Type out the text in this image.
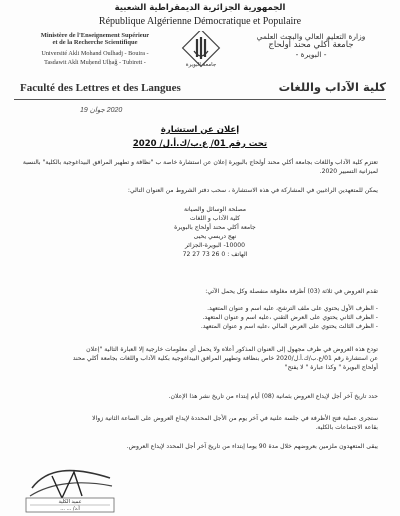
الجمهورية الجزائرية الديمقراطية الشعبية
République Algérienne Démocratique et Populaire
Ministère de l'Enseignement Supérieur
et de la Recherche Scientifique
Université Akli Mohand Oulhadj - Bouira -
Tasdawit Akli Muḥend Ulḥaǧ - Tubirett -
وزارة التعليم العالي والبحث العلمي
جامعة أكلي محند أولحاج
- البويرة -
جامعة البويرة
Faculté des Lettres et des Langues	كلية الآداب واللغات
2020 جوان 19
إعلان عن استشارة
تحت رقم 01/ ع.ب/ك.أ.ل/ 2020
تعتزم كلية الآداب واللغات بجامعة أكلي محند أولحاج بالبويرة إعلان عن استشارة خاصة ب "نظافة و تطهير المرافق البيداغوجية بالكلية" بالنسبة لميزانية التسيير 2020.
يمكن للمتعهدين الراغبين في المشاركة في هذه الاستشارة ، سحب دفتر الشروط من العنوان التالي:
مصلحة الوسائل والصيانة
كلية الآداب و اللغات
جامعة أكلي محند أولحاج بالبويرة
نهج دريسي يحيى
10000- البويرة-الجزائر
الهاتف : 0 26 73 27 72
تقدم العروض في ثلاثة (03) أظرفة مغلوقة منفصلة وكل يحمل الآتي:
- الظرف الأول يحتوي على ملف الترشح، عليه اسم و عنوان المتعهد.
- الظرف الثاني يحتوي على العرض التقني ،عليه اسم و عنوان المتعهد.
- الظرف الثالث يحتوي على العرض المالي ،عليه اسم و عنوان المتعهد.
تودع هذه العروض في ظرف مجهول إلى العنوان المذكور أعلاه ولا يحمل أي معلومات خارجية إلا العبارة التالية "إعلان
عن استشارة رقم 01/ع.ب/ك.أ.ل/2020 خاص بنظافة وتطهير المرافق البيداغوجية بكلية الآداب واللغات بجامعة أكلي محند
أولحاج البويرة " وكذا عبارة " لا يفتح"
حدد تاريخ آخر أجل لإيداع العروض بثمانية (08) أيام إبتداء من تاريخ نشر هذا الإعلان.
ستجرى عملية فتح الأظرفة في جلسة علنية في آخر يوم من الأجل المحددة لإيداع العروض على الساعة الثانية زوالا
بقاعة الاجتماعات بالكلية.
يبقى المتعهدون ملزمين بعروضهم خلال مدة 90 يوما إبتداء من تاريخ آخر أجل المحدد لإيداع العروض.
عميد الكلية
أ.د/ ... ...
